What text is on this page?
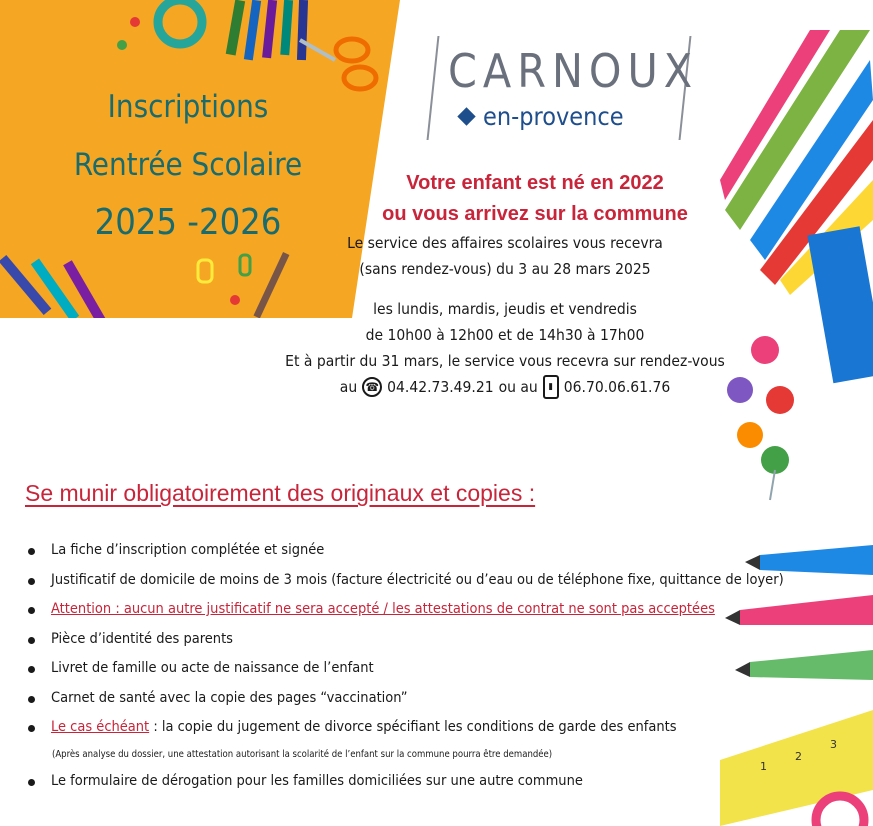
Inscriptions
Rentrée Scolaire
2025 -2026
CARNOUX
en-provence
1
2
3
Votre enfant est né en 2022
ou vous arrivez sur la commune
Le service des affaires scolaires vous recevra
(sans rendez-vous) du 3 au 28 mars 2025
les lundis, mardis, jeudis et vendredis
de 10h00 à 12h00 et de 14h30 à 17h00
Et à partir du 31 mars, le service vous recevra sur rendez-vous
au ☎ 04.42.73.49.21 ou au	▮ 06.70.06.61.76
Se munir obligatoirement des originaux et copies :
La fiche d’inscription complétée et signée
Justificatif de domicile de moins de 3 mois (facture électricité ou d’eau ou de téléphone fixe, quittance de loyer)
Attention : aucun autre justificatif ne sera accepté / les attestations de contrat ne sont pas acceptées
Pièce d’identité des parents
Livret de famille ou acte de naissance de l’enfant
Carnet de santé avec la copie des pages “vaccination”
Le cas échéant : la copie du jugement de divorce spécifiant les conditions de garde des enfants
(Après analyse du dossier, une attestation autorisant la scolarité de l’enfant sur la commune pourra être demandée)
Le formulaire de dérogation pour les familles domiciliées sur une autre commune
